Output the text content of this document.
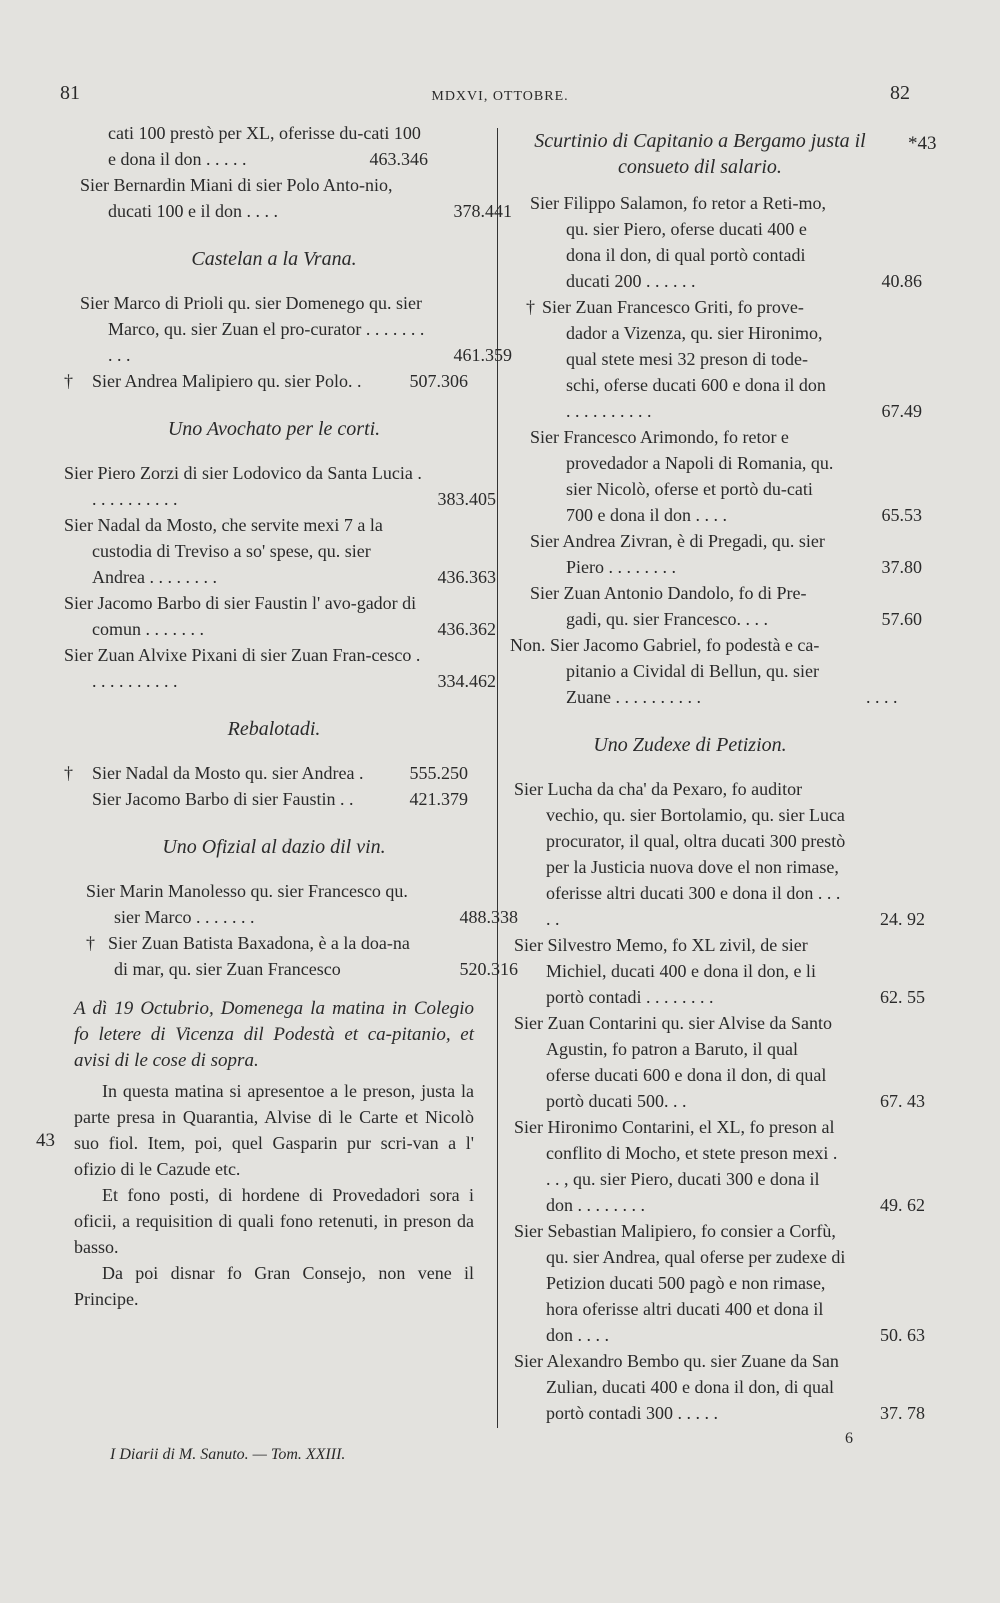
81	MDXVI, OTTOBRE.	82
*43
43
6
cati 100 prestò per XL, oferisse du-cati 100 e dona il don . . . . .	463.346
Sier Bernardin Miani di sier Polo Anto-nio, ducati 100 e il don . . . .	378.441
Castelan a la Vrana.
Sier Marco di Prioli qu. sier Domenego qu. sier Marco, qu. sier Zuan el pro-curator . . . . . . . . . .	461.359
† Sier Andrea Malipiero qu. sier Polo. .	507.306
Uno Avochato per le corti.
Sier Piero Zorzi di sier Lodovico da Santa Lucia . . . . . . . . . . .	383.405
Sier Nadal da Mosto, che servite mexi 7 a la custodia di Treviso a so' spese, qu. sier Andrea . . . . . . . .	436.363
Sier Jacomo Barbo di sier Faustin l' avo-gador di comun . . . . . . .	436.362
Sier Zuan Alvixe Pixani di sier Zuan Fran-cesco . . . . . . . . . . .	334.462
Rebalotadi.
† Sier Nadal da Mosto qu. sier Andrea .	555.250
Sier Jacomo Barbo di sier Faustin . .	421.379
Uno Ofizial al dazio dil vin.
Sier Marin Manolesso qu. sier Francesco qu. sier Marco . . . . . . .	488.338
† Sier Zuan Batista Baxadona, è a la doa-na di mar, qu. sier Zuan Francesco	520.316
A dì 19 Octubrio, Domenega la matina in Colegio fo letere di Vicenza dil Podestà et ca-pitanio, et avisi di le cose di sopra.

In questa matina si apresentoe a le preson, justa la parte presa in Quarantia, Alvise di le Carte et Nicolò suo fiol. Item, poi, quel Gasparin pur scri-van a l' ofizio di le Cazude etc.

Et fono posti, di hordene di Provedadori sora i oficii, a requisition di quali fono retenuti, in preson da basso.

Da poi disnar fo Gran Consejo, non vene il Principe.

Scurtinio di Capitanio a Bergamo justa il consueto dil salario.
Sier Filippo Salamon, fo retor a Reti-mo, qu. sier Piero, oferse ducati 400 e dona il don, di qual portò contadi ducati 200 . . . . . .	40.86
† Sier Zuan Francesco Griti, fo prove-dador a Vizenza, qu. sier Hironimo, qual stete mesi 32 preson di tode-schi, oferse ducati 600 e dona il don . . . . . . . . . .	67.49
Sier Francesco Arimondo, fo retor e provedador a Napoli di Romania, qu. sier Nicolò, oferse et portò du-cati 700 e dona il don . . . .	65.53
Sier Andrea Zivran, è di Pregadi, qu. sier Piero . . . . . . . .	37.80
Sier Zuan Antonio Dandolo, fo di Pre-gadi, qu. sier Francesco. . . .	57.60
Non. Sier Jacomo Gabriel, fo podestà e ca-pitanio a Cividal di Bellun, qu. sier Zuane . . . . . . . . . .	. . . .
Uno Zudexe di Petizion.
Sier Lucha da cha' da Pexaro, fo auditor vechio, qu. sier Bortolamio, qu. sier Luca procurator, il qual, oltra ducati 300 prestò per la Justicia nuova dove el non rimase, oferisse altri ducati 300 e dona il don . . . . .	24. 92
Sier Silvestro Memo, fo XL zivil, de sier Michiel, ducati 400 e dona il don, e li portò contadi . . . . . . . .	62. 55
Sier Zuan Contarini qu. sier Alvise da Santo Agustin, fo patron a Baruto, il qual oferse ducati 600 e dona il don, di qual portò ducati 500. . .	67. 43
Sier Hironimo Contarini, el XL, fo preson al conflito di Mocho, et stete preson mexi . . . , qu. sier Piero, ducati 300 e dona il don . . . . . . . .	49. 62
Sier Sebastian Malipiero, fo consier a Corfù, qu. sier Andrea, qual oferse per zudexe di Petizion ducati 500 pagò e non rimase, hora oferisse altri ducati 400 et dona il don . . . .	50. 63
Sier Alexandro Bembo qu. sier Zuane da San Zulian, ducati 400 e dona il don, di qual portò contadi 300 . . . . .	37. 78
I Diarii di M. Sanuto. — Tom. XXIII.
